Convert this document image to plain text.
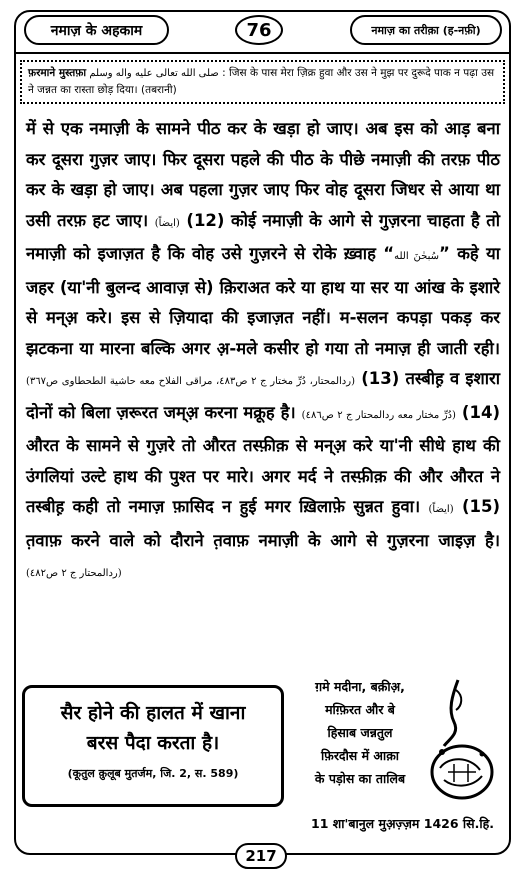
नमाज़ के अहकाम	76	नमाज़ का तरीक़ा (ह-नफ़ी)
फ़रमाने मुस्तफ़ा صلى الله تعالى عليه واله وسلم : जिस के पास मेरा ज़िक्र हुवा और उस ने मुझ पर दुरूदे पाक न पढ़ा उस ने जन्नत का रास्ता छोड़ दिया। (तबरानी)

में से एक नमाज़ी के सामने पीठ कर के खड़ा हो जाए। अब इस को आड़ बना कर दूसरा गुज़र जाए। फिर दूसरा पहले की पीठ के पीछे नमाज़ी की तरफ़ पीठ कर के खड़ा हो जाए। अब पहला गुज़र जाए फिर वोह दूसरा जिधर से आया था उसी तरफ़ हट जाए। (ايضاً) (12) कोई नमाज़ी के आगे से गुज़रना चाहता है तो नमाज़ी को इजाज़त है कि वोह उसे गुज़रने से रोके ख़्वाह “سُبحٰنَ الله” कहे या जहर (या'नी बुलन्द आवाज़ से) क़िराअत करे या हाथ या सर या आंख के इशारे से मन्अ़ करे। इस से ज़ियादा की इजाज़त नहीं। म-सलन कपड़ा पकड़ कर झटकना या मारना बल्कि अगर अ़-मले कसीर हो गया तो नमाज़ ही जाती रही। (ردالمحتار، دُرِّ مختار ج ٢ ص٤٨٣، مراقی الفلاح معه حاشية الطحطاوی ص٣٦٧) (13) तस्बीह़ व इशारा दोनों को बिला ज़रूरत जम्अ़ करना मक्रूह है। (دُرِّ مختار معه ردالمحتار ج ٢ ص٤٨٦) (14) औरत के सामने से गुज़रे तो औरत तस्फ़ीक़ से मन्अ़ करे या'नी सीधे हाथ की उंगलियां उल्टे हाथ की पुश्त पर मारे। अगर मर्द ने तस्फ़ीक़ की और औरत ने तस्बीह़ कही तो नमाज़ फ़ासिद न हुई मगर ख़िलाफ़े सुन्नत हुवा। (ايضاً) (15) त़वाफ़ करने वाले को दौराने त़वाफ़ नमाज़ी के आगे से गुज़रना जाइज़ है। (ردالمحتار ج ٢ ص٤٨٢)

सैर होने की हालत में खाना
बरस पैदा करता है।
(कूतुल क़ुलूब मुतर्जम, जि. 2, स. 589)
ग़मे मदीना, बक़ीअ़,
मग़्फ़िरत और बे
हिसाब जन्नतुल
फ़िरदौस में आक़ा
के पड़ोस का तालिब
11 शा'बानुल मुअ़ज़्ज़म 1426 सि.हि.
217
